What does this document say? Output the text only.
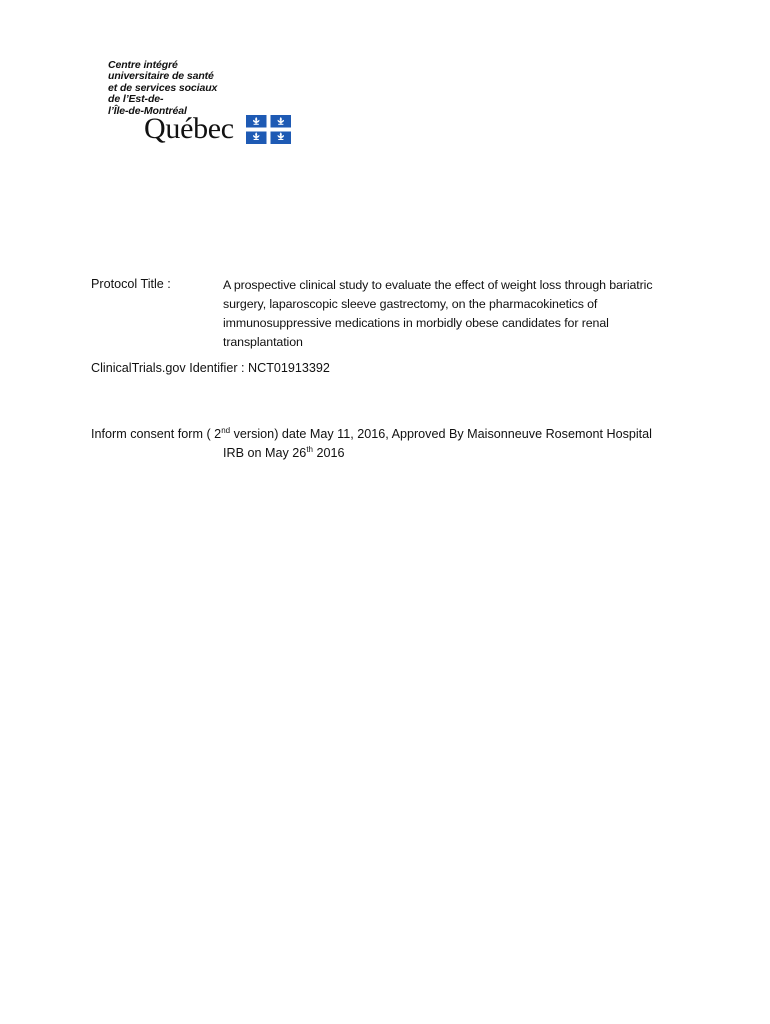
Centre intégré
universitaire de santé
et de services sociaux
de l’Est-de-
l’Île-de-Montréal
Québec
Protocol Title :	A prospective clinical study to evaluate the effect of weight loss through bariatric
surgery, laparoscopic sleeve gastrectomy, on the pharmacokinetics of
immunosuppressive medications in morbidly obese candidates for renal
transplantation
ClinicalTrials.gov Identifier : NCT01913392
Inform consent form ( 2nd version) date May 11, 2016, Approved By Maisonneuve Rosemont Hospital
IRB on May 26th 2016
